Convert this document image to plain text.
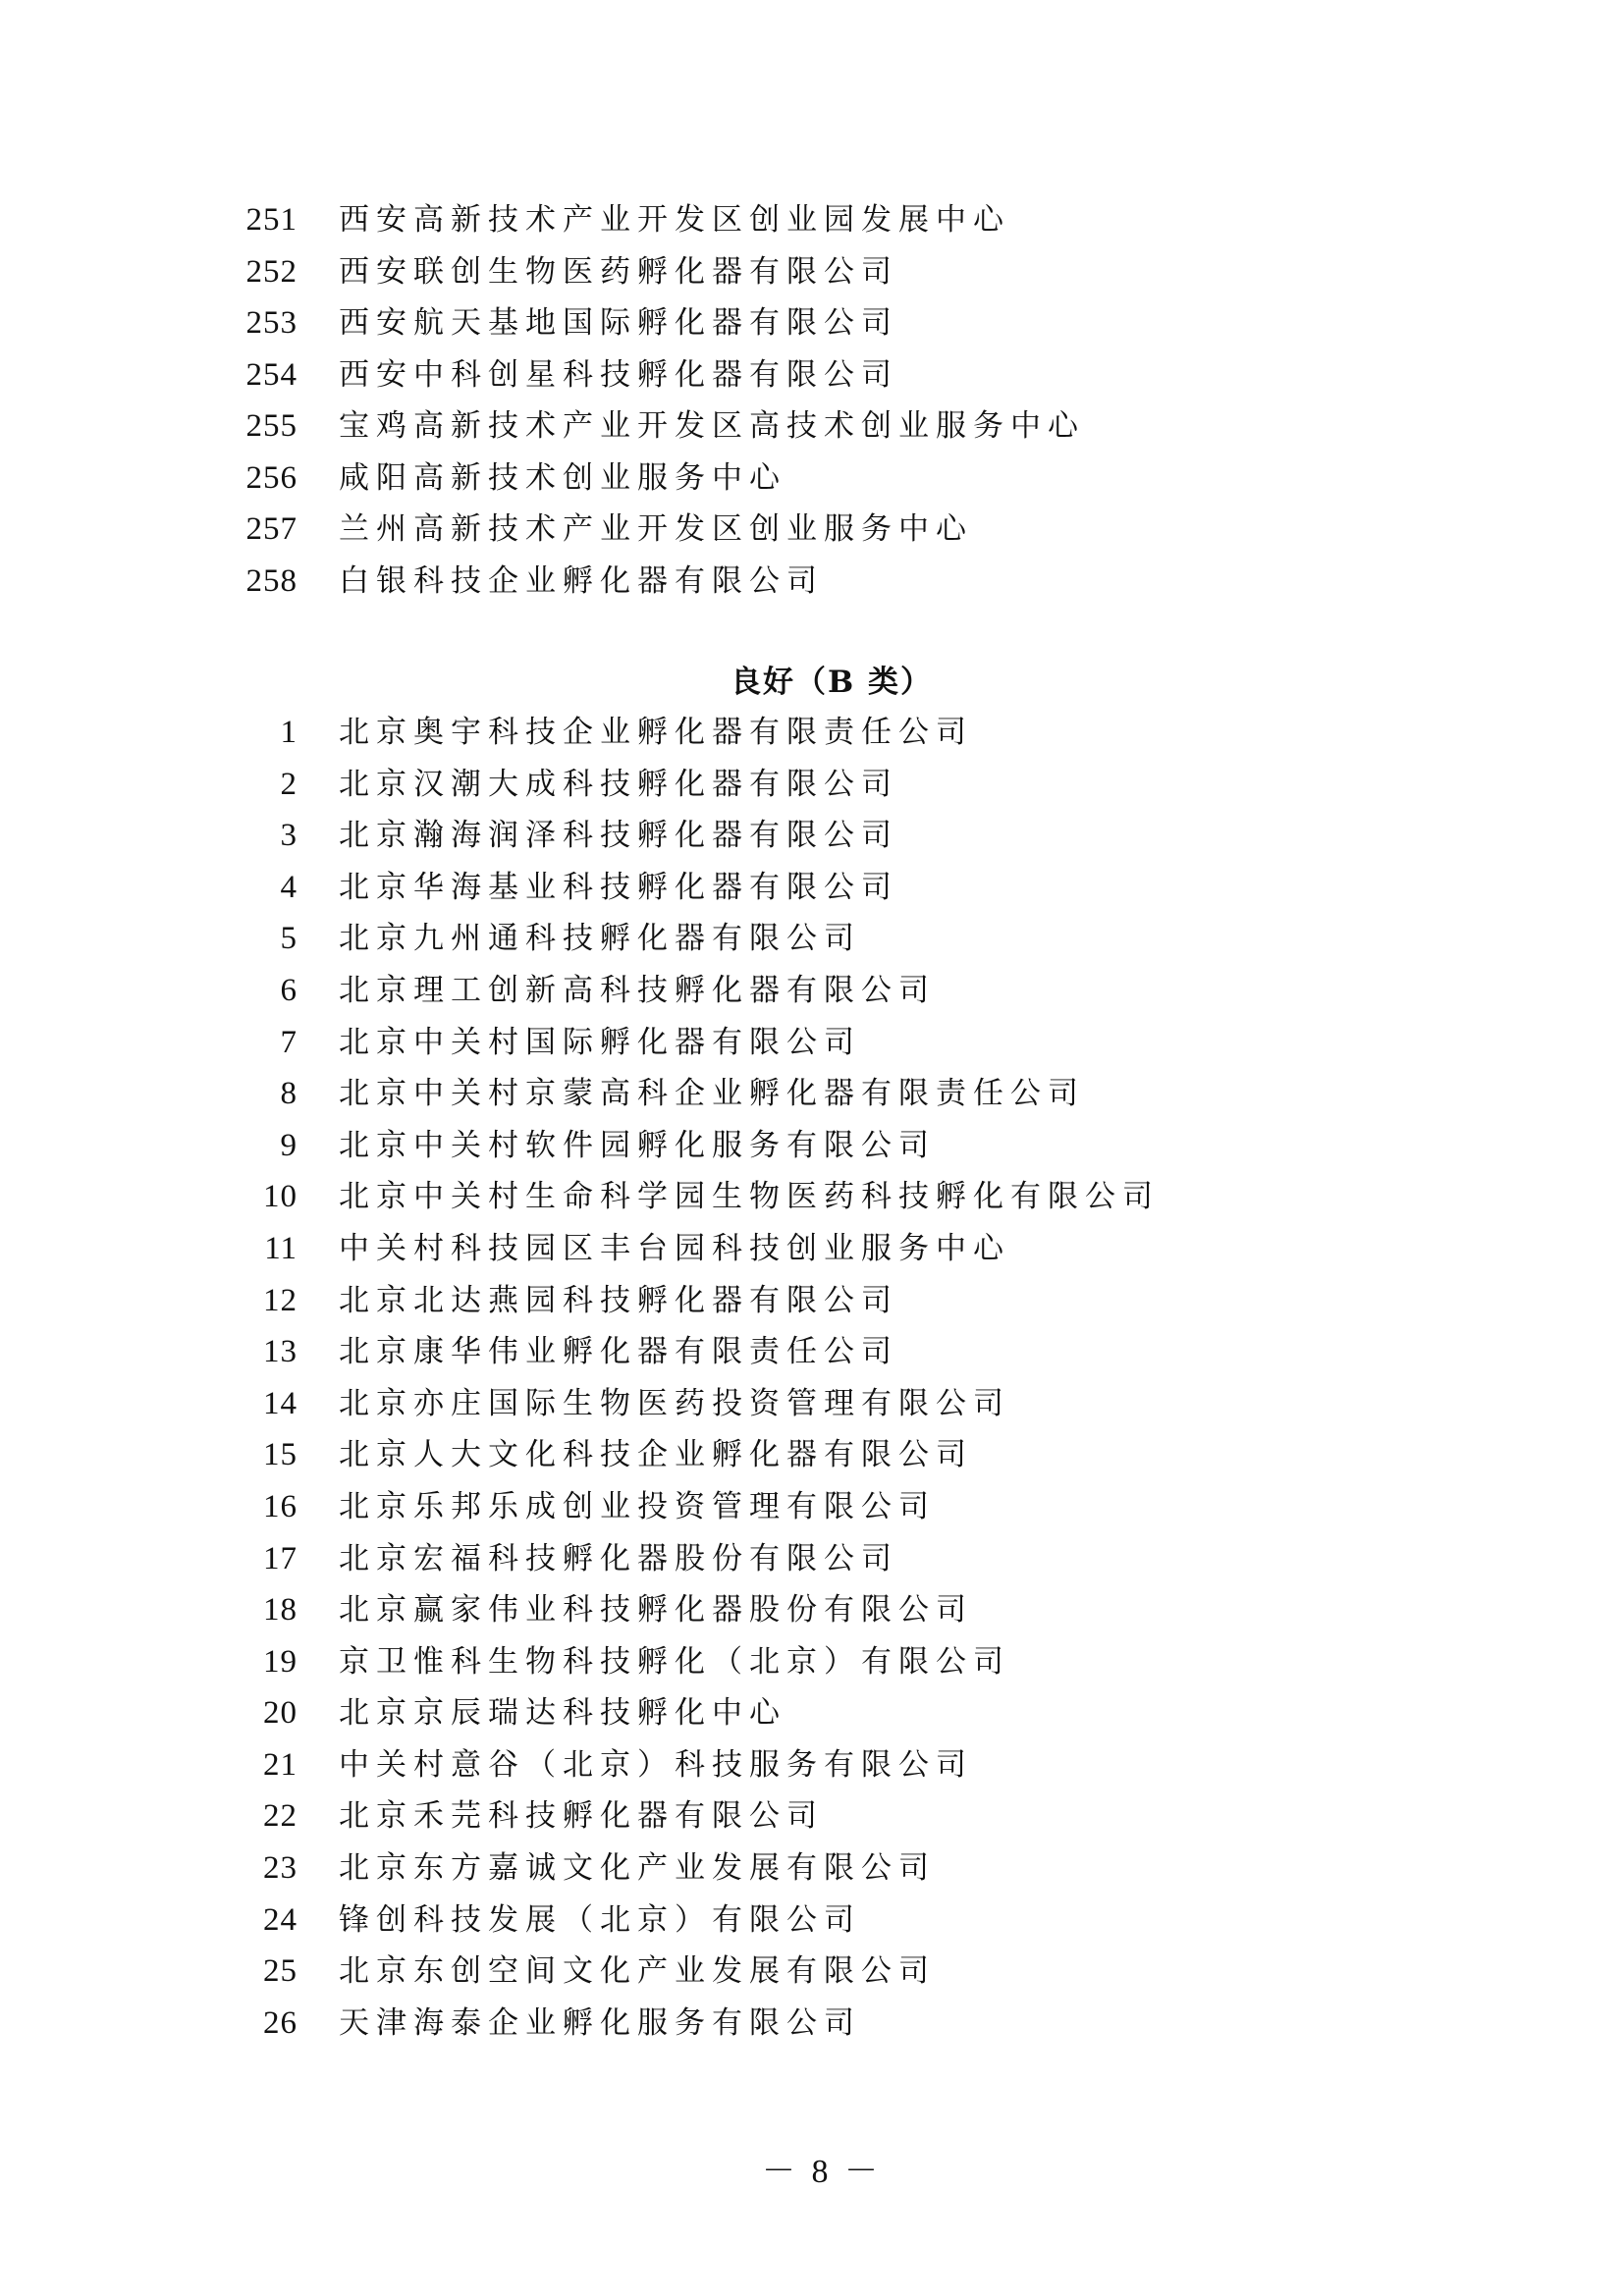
251 西安高新技术产业开发区创业园发展中心
252 西安联创生物医药孵化器有限公司
253 西安航天基地国际孵化器有限公司
254 西安中科创星科技孵化器有限公司
255 宝鸡高新技术产业开发区高技术创业服务中心
256 咸阳高新技术创业服务中心
257 兰州高新技术产业开发区创业服务中心
258 白银科技企业孵化器有限公司
良好（B 类）
1 北京奥宇科技企业孵化器有限责任公司
2 北京汉潮大成科技孵化器有限公司
3 北京瀚海润泽科技孵化器有限公司
4 北京华海基业科技孵化器有限公司
5 北京九州通科技孵化器有限公司
6 北京理工创新高科技孵化器有限公司
7 北京中关村国际孵化器有限公司
8 北京中关村京蒙高科企业孵化器有限责任公司
9 北京中关村软件园孵化服务有限公司
10 北京中关村生命科学园生物医药科技孵化有限公司
11 中关村科技园区丰台园科技创业服务中心
12 北京北达燕园科技孵化器有限公司
13 北京康华伟业孵化器有限责任公司
14 北京亦庄国际生物医药投资管理有限公司
15 北京人大文化科技企业孵化器有限公司
16 北京乐邦乐成创业投资管理有限公司
17 北京宏福科技孵化器股份有限公司
18 北京赢家伟业科技孵化器股份有限公司
19 京卫惟科生物科技孵化（北京）有限公司
20 北京京辰瑞达科技孵化中心
21 中关村意谷（北京）科技服务有限公司
22 北京禾芫科技孵化器有限公司
23 北京东方嘉诚文化产业发展有限公司
24 锋创科技发展（北京）有限公司
25 北京东创空间文化产业发展有限公司
26 天津海泰企业孵化服务有限公司
－ 8 －
